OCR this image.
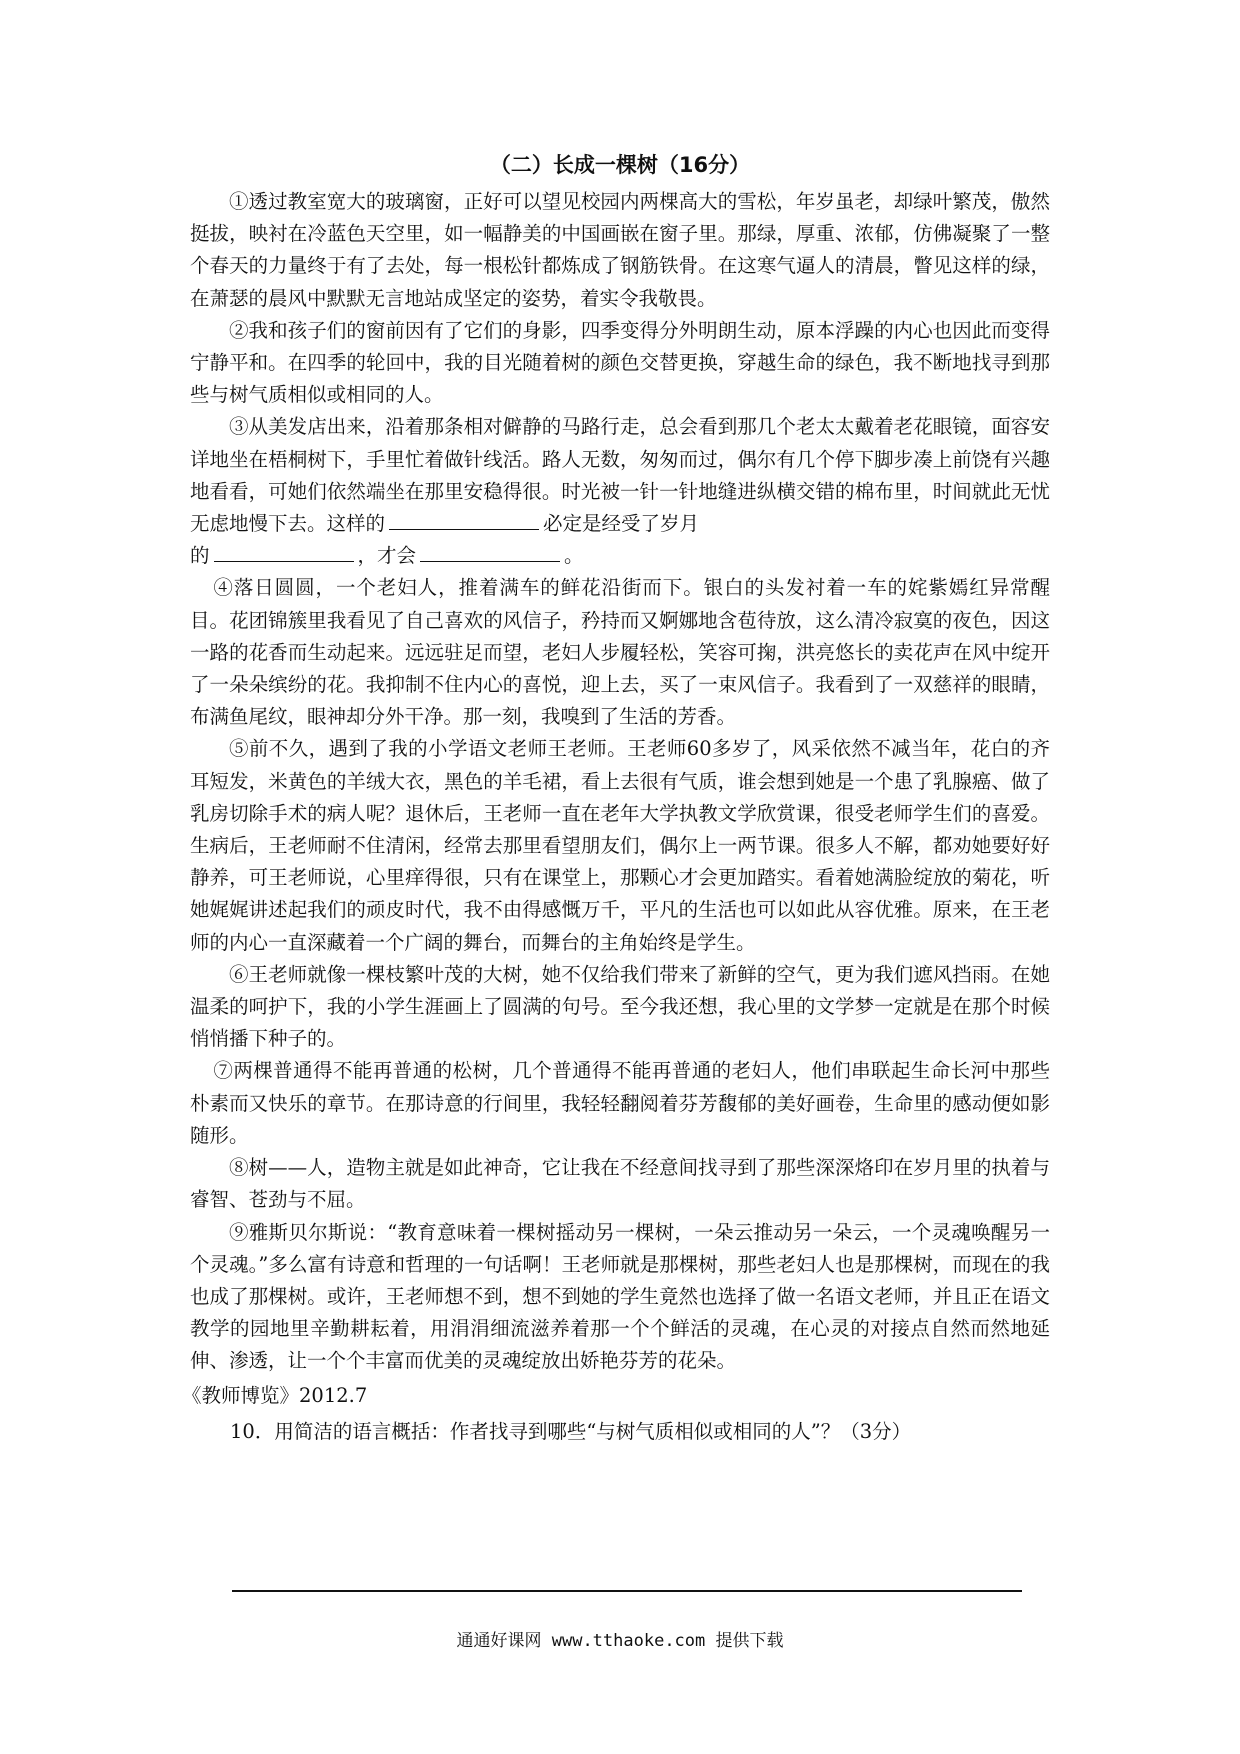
（二）长成一棵树（16分）

①透过教室宽大的玻璃窗，正好可以望见校园内两棵高大的雪松，年岁虽老，却绿叶繁茂，傲然挺拔，映衬在冷蓝色天空里，如一幅静美的中国画嵌在窗子里。那绿，厚重、浓郁，仿佛凝聚了一整个春天的力量终于有了去处，每一根松针都炼成了钢筋铁骨。在这寒气逼人的清晨，瞥见这样的绿，在萧瑟的晨风中默默无言地站成坚定的姿势，着实令我敬畏。

②我和孩子们的窗前因有了它们的身影，四季变得分外明朗生动，原本浮躁的内心也因此而变得宁静平和。在四季的轮回中，我的目光随着树的颜色交替更换，穿越生命的绿色，我不断地找寻到那些与树气质相似或相同的人。

③从美发店出来，沿着那条相对僻静的马路行走，总会看到那几个老太太戴着老花眼镜，面容安详地坐在梧桐树下，手里忙着做针线活。路人无数，匆匆而过，偶尔有几个停下脚步凑上前饶有兴趣地看看，可她们依然端坐在那里安稳得很。时光被一针一针地缝进纵横交错的棉布里，时间就此无忧无虑地慢下去。这样的	必定是经受了岁月
的	，才会	。

④落日圆圆，一个老妇人，推着满车的鲜花沿街而下。银白的头发衬着一车的姹紫嫣红异常醒目。花团锦簇里我看见了自己喜欢的风信子，矜持而又婀娜地含苞待放，这么清冷寂寞的夜色，因这一路的花香而生动起来。远远驻足而望，老妇人步履轻松，笑容可掬，洪亮悠长的卖花声在风中绽开了一朵朵缤纷的花。我抑制不住内心的喜悦，迎上去，买了一束风信子。我看到了一双慈祥的眼睛，布满鱼尾纹，眼神却分外干净。那一刻，我嗅到了生活的芳香。

⑤前不久，遇到了我的小学语文老师王老师。王老师60多岁了，风采依然不减当年，花白的齐耳短发，米黄色的羊绒大衣，黑色的羊毛裙，看上去很有气质，谁会想到她是一个患了乳腺癌、做了乳房切除手术的病人呢？退休后，王老师一直在老年大学执教文学欣赏课，很受老师学生们的喜爱。生病后，王老师耐不住清闲，经常去那里看望朋友们，偶尔上一两节课。很多人不解，都劝她要好好静养，可王老师说，心里痒得很，只有在课堂上，那颗心才会更加踏实。看着她满脸绽放的菊花，听她娓娓讲述起我们的顽皮时代，我不由得感慨万千，平凡的生活也可以如此从容优雅。原来，在王老师的内心一直深藏着一个广阔的舞台，而舞台的主角始终是学生。

⑥王老师就像一棵枝繁叶茂的大树，她不仅给我们带来了新鲜的空气，更为我们遮风挡雨。在她温柔的呵护下，我的小学生涯画上了圆满的句号。至今我还想，我心里的文学梦一定就是在那个时候悄悄播下种子的。

⑦两棵普通得不能再普通的松树，几个普通得不能再普通的老妇人，他们串联起生命长河中那些朴素而又快乐的章节。在那诗意的行间里，我轻轻翻阅着芬芳馥郁的美好画卷，生命里的感动便如影随形。

⑧树——人，造物主就是如此神奇，它让我在不经意间找寻到了那些深深烙印在岁月里的执着与睿智、苍劲与不屈。

⑨雅斯贝尔斯说：“教育意味着一棵树摇动另一棵树，一朵云推动另一朵云，一个灵魂唤醒另一个灵魂。”多么富有诗意和哲理的一句话啊！王老师就是那棵树，那些老妇人也是那棵树，而现在的我也成了那棵树。或许，王老师想不到，想不到她的学生竟然也选择了做一名语文老师，并且正在语文教学的园地里辛勤耕耘着，用涓涓细流滋养着那一个个鲜活的灵魂，在心灵的对接点自然而然地延伸、渗透，让一个个丰富而优美的灵魂绽放出娇艳芬芳的花朵。

《教师博览》2012.7

10．用简洁的语言概括：作者找寻到哪些“与树气质相似或相同的人”？（3分）

通通好课网 www.tthaoke.com 提供下载
